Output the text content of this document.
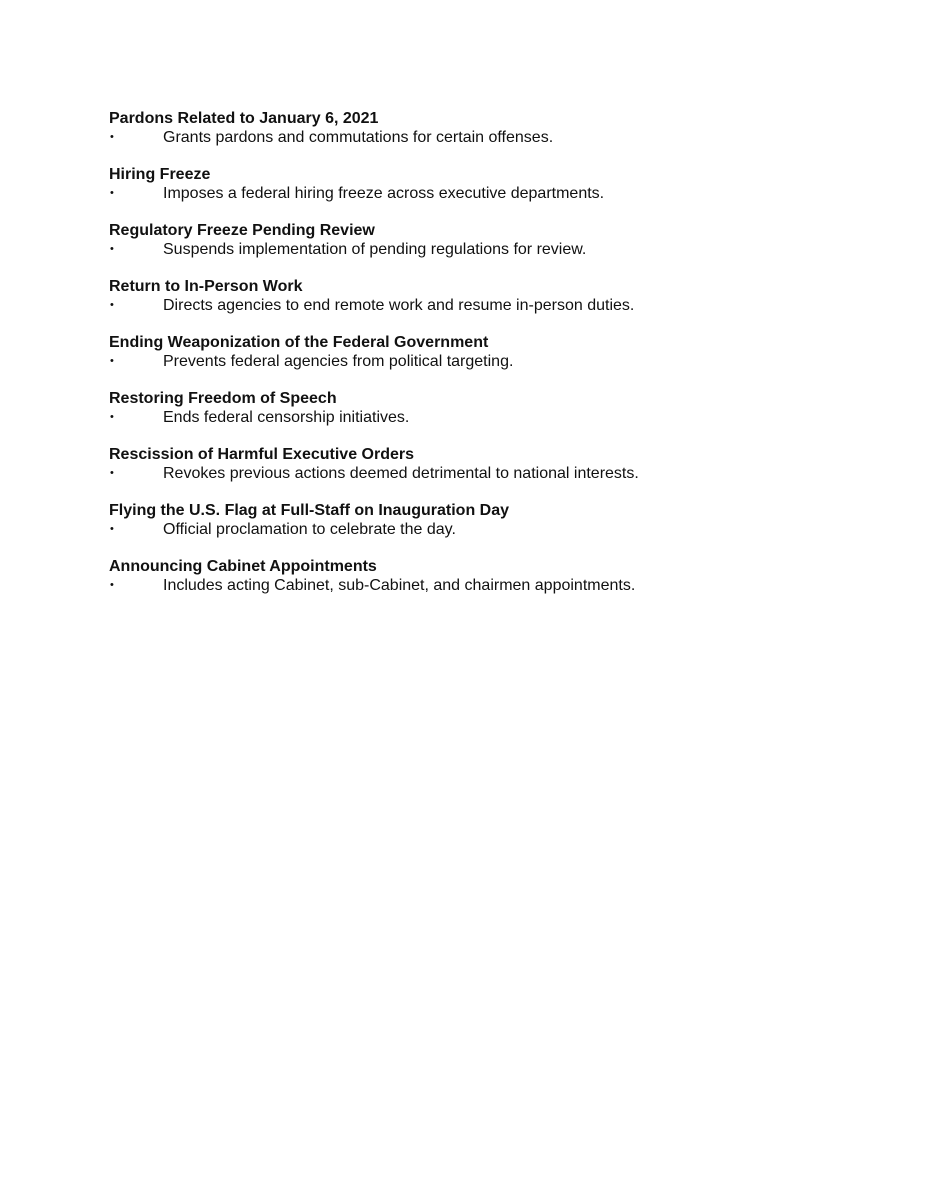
Pardons Related to January 6, 2021
•	Grants pardons and commutations for certain offenses.
Hiring Freeze
•	Imposes a federal hiring freeze across executive departments.
Regulatory Freeze Pending Review
•	Suspends implementation of pending regulations for review.
Return to In-Person Work
•	Directs agencies to end remote work and resume in-person duties.
Ending Weaponization of the Federal Government
•	Prevents federal agencies from political targeting.
Restoring Freedom of Speech
•	Ends federal censorship initiatives.
Rescission of Harmful Executive Orders
•	Revokes previous actions deemed detrimental to national interests.
Flying the U.S. Flag at Full-Staff on Inauguration Day
•	Official proclamation to celebrate the day.
Announcing Cabinet Appointments
•	Includes acting Cabinet, sub-Cabinet, and chairmen appointments.
